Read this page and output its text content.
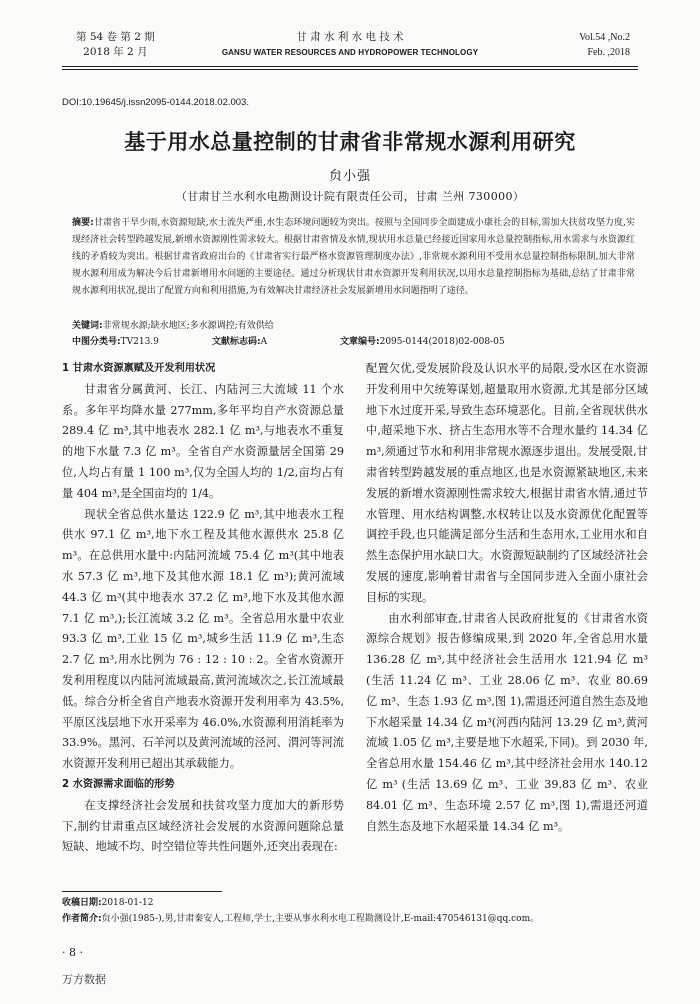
第 54 卷 第 2 期
2018 年 2 月
甘 肃 水 利 水 电 技 术
GANSU WATER RESOURCES AND HYDROPOWER TECHNOLOGY
Vol.54 ,No.2
Feb. ,2018
DOI:10.19645/j.issn2095-0144.2018.02.003.
基于用水总量控制的甘肃省非常规水源利用研究
贠小强
（甘肃甘兰水利水电勘测设计院有限责任公司，甘肃 兰州 730000）
摘要:甘肃省干旱少雨,水资源短缺,水土流失严重,水生态环境问题较为突出。按照与全国同步全面建成小康社会的目标,需加大扶贫攻坚力度,实现经济社会转型跨越发展,新增水资源刚性需求较大。根据甘肃省情及水情,现状用水总量已经接近国家用水总量控制指标,用水需求与水资源红线的矛盾较为突出。根据甘肃省政府出台的《甘肃省实行最严格水资源管理制度办法》,非常规水源利用不受用水总量控制指标限制,加大非常规水源利用成为解决今后甘肃新增用水问题的主要途径。通过分析现状甘肃水资源开发利用状况,以用水总量控制指标为基础,总结了甘肃非常规水源利用状况,提出了配置方向和利用措施,为有效解决甘肃经济社会发展新增用水问题指明了途径。
关键词:非常规水源;缺水地区;多水源调控;有效供给
中图分类号:TV213.9	文献标志码:A	文章编号:2095-0144(2018)02-008-05

1 甘肃水资源禀赋及开发利用状况

甘肃省分属黄河、长江、内陆河三大流域 11 个水系。多年平均降水量 277mm,多年平均自产水资源总量 289.4 亿 m³,其中地表水 282.1 亿 m³,与地表水不重复的地下水量 7.3 亿 m³。全省自产水资源量居全国第 29 位,人均占有量 1 100 m³,仅为全国人均的 1/2,亩均占有量 404 m³,是全国亩均的 1/4。

现状全省总供水量达 122.9 亿 m³,其中地表水工程供水 97.1 亿 m³,地下水工程及其他水源供水 25.8 亿 m³。在总供用水量中:内陆河流域 75.4 亿 m³(其中地表水 57.3 亿 m³,地下及其他水源 18.1 亿 m³);黄河流域 44.3 亿 m³(其中地表水 37.2 亿 m³,地下水及其他水源 7.1 亿 m³,);长江流域 3.2 亿 m³。全省总用水量中农业 93.3 亿 m³,工业 15 亿 m³,城乡生活 11.9 亿 m³,生态 2.7 亿 m³,用水比例为 76 : 12 : 10 : 2。全省水资源开发利用程度以内陆河流域最高,黄河流域次之,长江流域最低。综合分析全省自产地表水资源开发利用率为 43.5%,平原区浅层地下水开采率为 46.0%,水资源利用消耗率为 33.9%。黑河、石羊河以及黄河流域的泾河、渭河等河流水资源开发利用已超出其承载能力。

2 水资源需求面临的形势

在支撑经济社会发展和扶贫攻坚力度加大的新形势下,制约甘肃重点区域经济社会发展的水资源问题除总量短缺、地域不均、时空错位等共性问题外,还突出表现在:

配置欠优,受发展阶段及认识水平的局限,受水区在水资源开发利用中欠统筹谋划,超量取用水资源,尤其是部分区域地下水过度开采,导致生态环境恶化。目前,全省现状供水中,超采地下水、挤占生态用水等不合理水量约 14.34 亿 m³,须通过节水和利用非常规水源逐步退出。发展受限,甘肃省转型跨越发展的重点地区,也是水资源紧缺地区,未来发展的新增水资源刚性需求较大,根据甘肃省水情,通过节水管理、用水结构调整,水权转让以及水资源优化配置等调控手段,也只能满足部分生活和生态用水,工业用水和自然生态保护用水缺口大。水资源短缺制约了区域经济社会发展的速度,影响着甘肃省与全国同步进入全面小康社会目标的实现。

由水利部审查,甘肃省人民政府批复的《甘肃省水资源综合规划》报告修编成果,到 2020 年,全省总用水量 136.28 亿 m³,其中经济社会生活用水 121.94 亿 m³ (生活 11.24 亿 m³、工业 28.06 亿 m³、农业 80.69 亿 m³、生态 1.93 亿 m³,图 1),需退还河道自然生态及地下水超采量 14.34 亿 m³(河西内陆河 13.29 亿 m³,黄河流域 1.05 亿 m³,主要是地下水超采,下同)。到 2030 年,全省总用水量 154.46 亿 m³,其中经济社会用水 140.12 亿 m³ (生活 13.69 亿 m³、工业 39.83 亿 m³、农业 84.01 亿 m³、生态环境 2.57 亿 m³,图 1),需退还河道自然生态及地下水超采量 14.34 亿 m³。

收稿日期:2018-01-12
作者简介:贠小强(1985-),男,甘肃秦安人,工程师,学士,主要从事水利水电工程勘测设计,E-mail:470546131@qq.com。
· 8 ·
万方数据
